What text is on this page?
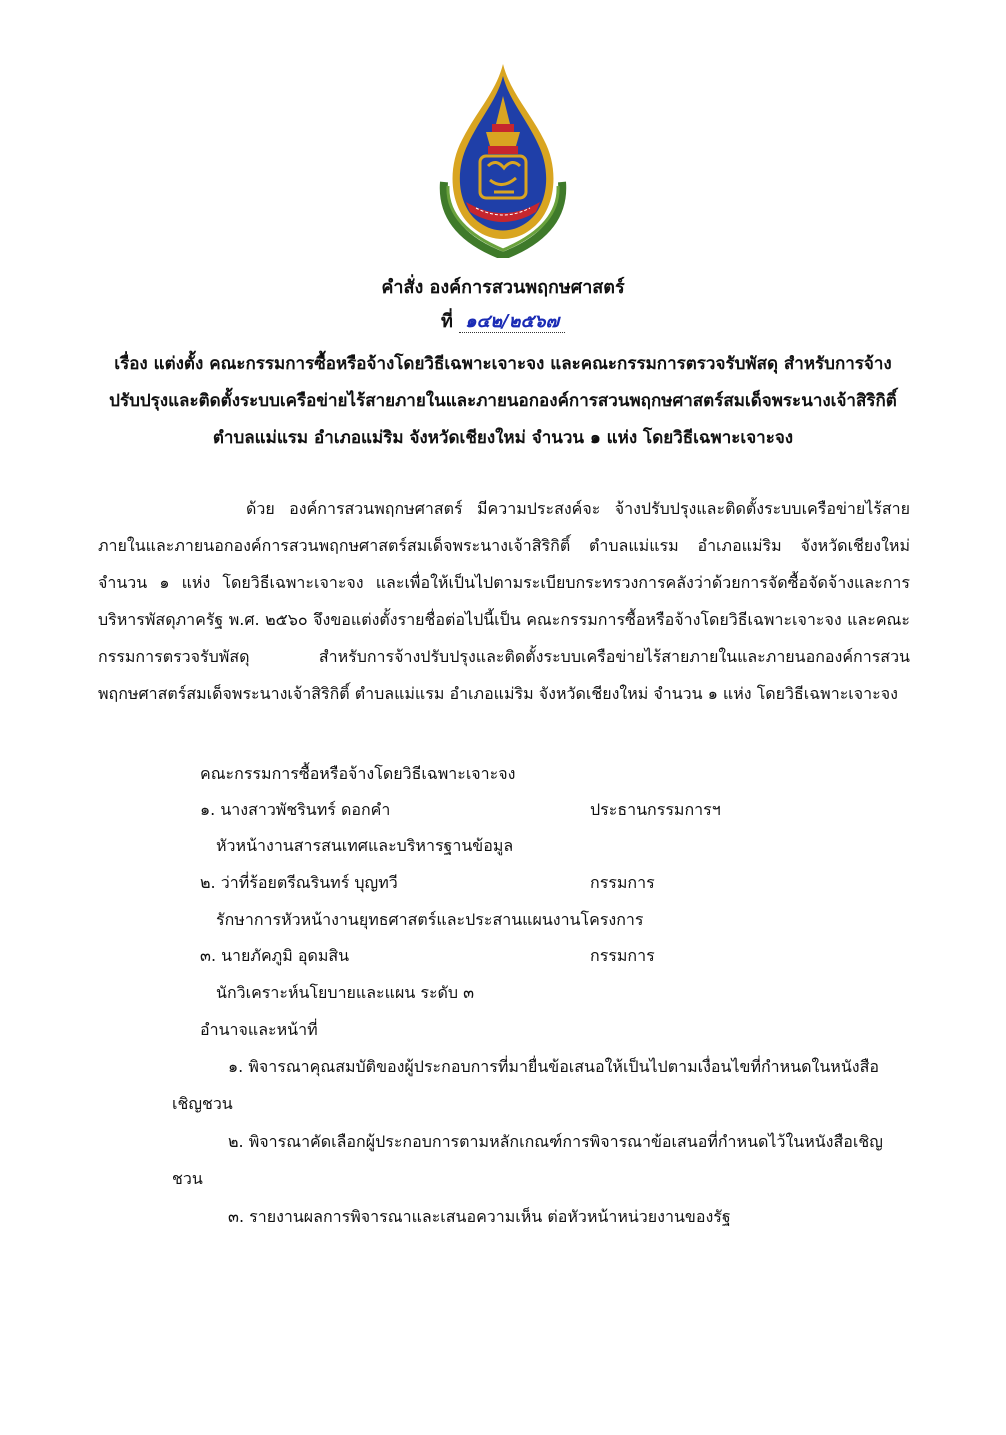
คำสั่ง องค์การสวนพฤกษศาสตร์
ที่ ๑๔๒/๒๕๖๗
เรื่อง แต่งตั้ง คณะกรรมการซื้อหรือจ้างโดยวิธีเฉพาะเจาะจง และคณะกรรมการตรวจรับพัสดุ สำหรับการจ้าง
ปรับปรุงและติดตั้งระบบเครือข่ายไร้สายภายในและภายนอกองค์การสวนพฤกษศาสตร์สมเด็จพระนางเจ้าสิริกิติ์
ตำบลแม่แรม อำเภอแม่ริม จังหวัดเชียงใหม่ จำนวน ๑ แห่ง โดยวิธีเฉพาะเจาะจง
ด้วย องค์การสวนพฤกษศาสตร์ มีความประสงค์จะ จ้างปรับปรุงและติดตั้งระบบเครือข่ายไร้สายภายในและภายนอกองค์การสวนพฤกษศาสตร์สมเด็จพระนางเจ้าสิริกิติ์ ตำบลแม่แรม อำเภอแม่ริม จังหวัดเชียงใหม่ จำนวน ๑ แห่ง โดยวิธีเฉพาะเจาะจง และเพื่อให้เป็นไปตามระเบียบกระทรวงการคลังว่าด้วยการจัดซื้อจัดจ้างและการบริหารพัสดุภาครัฐ พ.ศ. ๒๕๖๐ จึงขอแต่งตั้งรายชื่อต่อไปนี้เป็น คณะกรรมการซื้อหรือจ้างโดยวิธีเฉพาะเจาะจง และคณะกรรมการตรวจรับพัสดุ สำหรับการจ้างปรับปรุงและติดตั้งระบบเครือข่ายไร้สายภายในและภายนอกองค์การสวนพฤกษศาสตร์สมเด็จพระนางเจ้าสิริกิติ์ ตำบลแม่แรม อำเภอแม่ริม จังหวัดเชียงใหม่ จำนวน ๑ แห่ง โดยวิธีเฉพาะเจาะจง
คณะกรรมการซื้อหรือจ้างโดยวิธีเฉพาะเจาะจง
๑. นางสาวพัชรินทร์ ดอกคำ	ประธานกรรมการฯ
หัวหน้างานสารสนเทศและบริหารฐานข้อมูล
๒. ว่าที่ร้อยตรีณรินทร์ บุญทวี	กรรมการ
รักษาการหัวหน้างานยุทธศาสตร์และประสานแผนงานโครงการ
๓. นายภัคภูมิ อุดมสิน	กรรมการ
นักวิเคราะห์นโยบายและแผน ระดับ ๓
อำนาจและหน้าที่
๑. พิจารณาคุณสมบัติของผู้ประกอบการที่มายื่นข้อเสนอให้เป็นไปตามเงื่อนไขที่กำหนดในหนังสือ
เชิญชวน
๒. พิจารณาคัดเลือกผู้ประกอบการตามหลักเกณฑ์การพิจารณาข้อเสนอที่กำหนดไว้ในหนังสือเชิญ
ชวน
๓. รายงานผลการพิจารณาและเสนอความเห็น ต่อหัวหน้าหน่วยงานของรัฐ
